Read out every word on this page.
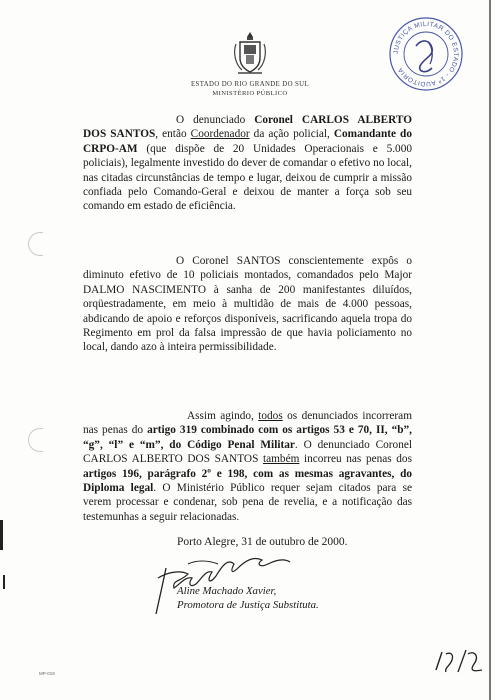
ESTADO DO RIO GRANDE DO SUL
MINISTÉRIO PÚBLICO
JUSTIÇA MILITAR DO ESTADO - 1ª AUDITORIA
O denunciado Coronel CARLOS ALBERTO DOS SANTOS, então Coordenador da ação policial, Comandante do CRPO-AM (que dispõe de 20 Unidades Operacionais e 5.000 policiais), legalmente investido do dever de comandar o efetivo no local, nas citadas circunstâncias de tempo e lugar, deixou de cumprir a missão confiada pelo Comando-Geral e deixou de manter a força sob seu comando em estado de eficiência.
O Coronel SANTOS conscientemente expôs o diminuto efetivo de 10 policiais montados, comandados pelo Major DALMO NASCIMENTO à sanha de 200 manifestantes diluídos, orqüestradamente, em meio à multidão de mais de 4.000 pessoas, abdicando de apoio e reforços disponíveis, sacrificando aquela tropa do Regimento em prol da falsa impressão de que havia policiamento no local, dando azo à inteira permissibilidade.
Assim agindo, todos os denunciados incorreram nas penas do artigo 319 combinado com os artigos 53 e 70, II, “b”, “g”, “l” e “m”, do Código Penal Militar. O denunciado Coronel CARLOS ALBERTO DOS SANTOS também incorreu nas penas dos artigos 196, parágrafo 2º e 198, com as mesmas agravantes, do Diploma legal. O Ministério Público requer sejam citados para se verem processar e condenar, sob pena de revelia, e a notificação das testemunhas a seguir relacionadas.
Porto Alegre, 31 de outubro de 2000.
Aline Machado Xavier,
Promotora de Justiça Substituta.
MP-019
